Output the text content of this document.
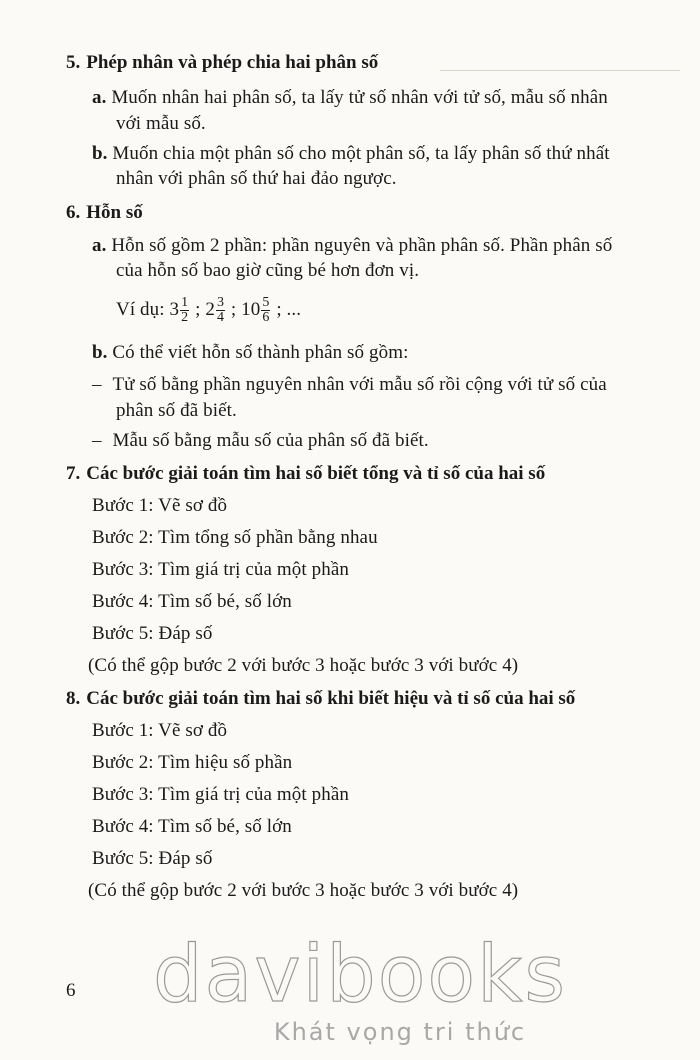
5. Phép nhân và phép chia hai phân số
a. Muốn nhân hai phân số, ta lấy tử số nhân với tử số, mẫu số nhân
với mẫu số.
b. Muốn chia một phân số cho một phân số, ta lấy phân số thứ nhất
nhân với phân số thứ hai đảo ngược.
6. Hỗn số
a. Hỗn số gồm 2 phần: phần nguyên và phần phân số. Phần phân số
của hỗn số bao giờ cũng bé hơn đơn vị.
Ví dụ: $3 \frac{1}{2}$ ; $2 \frac{3}{4}$ ; $10 \frac{5}{6}$ ; ...
b. Có thể viết hỗn số thành phân số gồm:
– Tử số bằng phần nguyên nhân với mẫu số rồi cộng với tử số của
phân số đã biết.
– Mẫu số bằng mẫu số của phân số đã biết.
7. Các bước giải toán tìm hai số biết tổng và tỉ số của hai số
Bước 1: Vẽ sơ đồ
Bước 2: Tìm tổng số phần bằng nhau
Bước 3: Tìm giá trị của một phần
Bước 4: Tìm số bé, số lớn
Bước 5: Đáp số
(Có thể gộp bước 2 với bước 3 hoặc bước 3 với bước 4)
8. Các bước giải toán tìm hai số khi biết hiệu và tỉ số của hai số
Bước 1: Vẽ sơ đồ
Bước 2: Tìm hiệu số phần
Bước 3: Tìm giá trị của một phần
Bước 4: Tìm số bé, số lớn
Bước 5: Đáp số
(Có thể gộp bước 2 với bước 3 hoặc bước 3 với bước 4)
6 davibooks
Khát vọng tri thức
